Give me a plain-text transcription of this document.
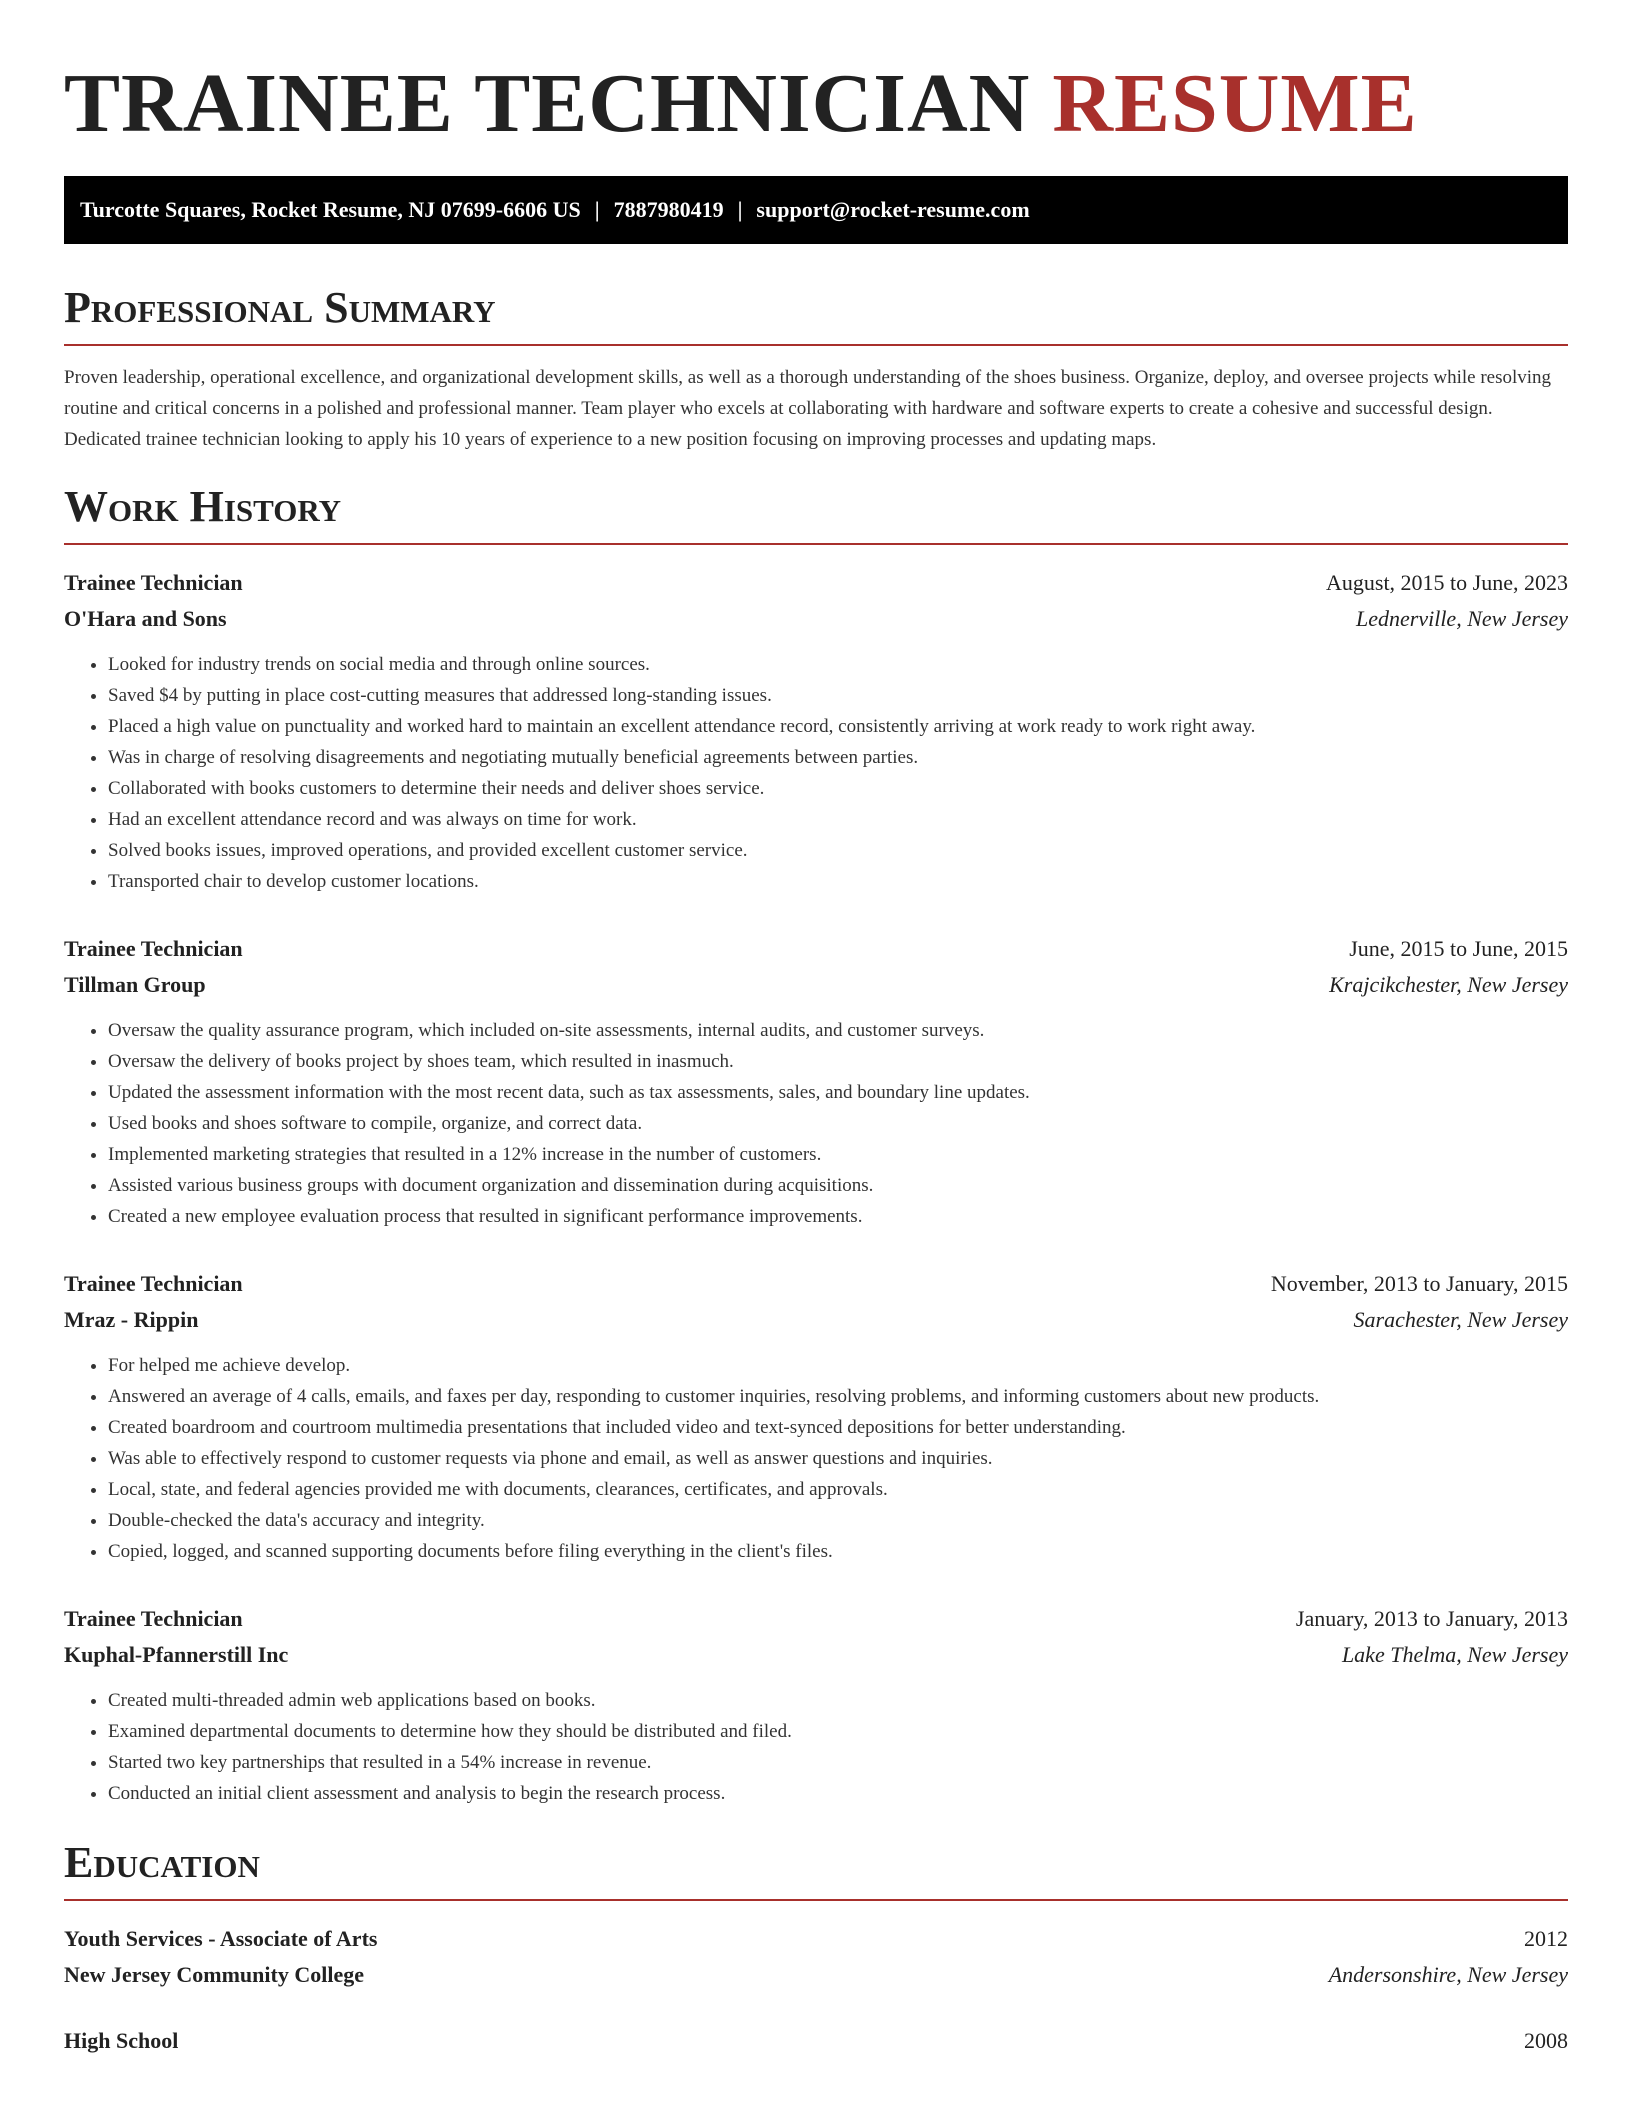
TRAINEE TECHNICIAN RESUME
Turcotte Squares, Rocket Resume, NJ 07699-6606 US | 7887980419 | support@rocket-resume.com
Professional Summary

Proven leadership, operational excellence, and organizational development skills, as well as a thorough understanding of the shoes business. Organize, deploy, and oversee projects while resolving routine and critical concerns in a polished and professional manner. Team player who excels at collaborating with hardware and software experts to create a cohesive and successful design. Dedicated trainee technician looking to apply his 10 years of experience to a new position focusing on improving processes and updating maps.

Work History
Trainee Technician	August, 2015 to June, 2023
O'Hara and Sons	Lednerville, New Jersey
• Looked for industry trends on social media and through online sources.
• Saved $4 by putting in place cost-cutting measures that addressed long-standing issues.
• Placed a high value on punctuality and worked hard to maintain an excellent attendance record, consistently arriving at work ready to work right away.
• Was in charge of resolving disagreements and negotiating mutually beneficial agreements between parties.
• Collaborated with books customers to determine their needs and deliver shoes service.
• Had an excellent attendance record and was always on time for work.
• Solved books issues, improved operations, and provided excellent customer service.
• Transported chair to develop customer locations.
Trainee Technician	June, 2015 to June, 2015
Tillman Group	Krajcikchester, New Jersey
• Oversaw the quality assurance program, which included on-site assessments, internal audits, and customer surveys.
• Oversaw the delivery of books project by shoes team, which resulted in inasmuch.
• Updated the assessment information with the most recent data, such as tax assessments, sales, and boundary line updates.
• Used books and shoes software to compile, organize, and correct data.
• Implemented marketing strategies that resulted in a 12% increase in the number of customers.
• Assisted various business groups with document organization and dissemination during acquisitions.
• Created a new employee evaluation process that resulted in significant performance improvements.
Trainee Technician	November, 2013 to January, 2015
Mraz - Rippin	Sarachester, New Jersey
• For helped me achieve develop.
• Answered an average of 4 calls, emails, and faxes per day, responding to customer inquiries, resolving problems, and informing customers about new products.
• Created boardroom and courtroom multimedia presentations that included video and text-synced depositions for better understanding.
• Was able to effectively respond to customer requests via phone and email, as well as answer questions and inquiries.
• Local, state, and federal agencies provided me with documents, clearances, certificates, and approvals.
• Double-checked the data's accuracy and integrity.
• Copied, logged, and scanned supporting documents before filing everything in the client's files.
Trainee Technician	January, 2013 to January, 2013
Kuphal-Pfannerstill Inc	Lake Thelma, New Jersey
• Created multi-threaded admin web applications based on books.
• Examined departmental documents to determine how they should be distributed and filed.
• Started two key partnerships that resulted in a 54% increase in revenue.
• Conducted an initial client assessment and analysis to begin the research process.
Education
Youth Services - Associate of Arts	2012
New Jersey Community College	Andersonshire, New Jersey
High School	2008
